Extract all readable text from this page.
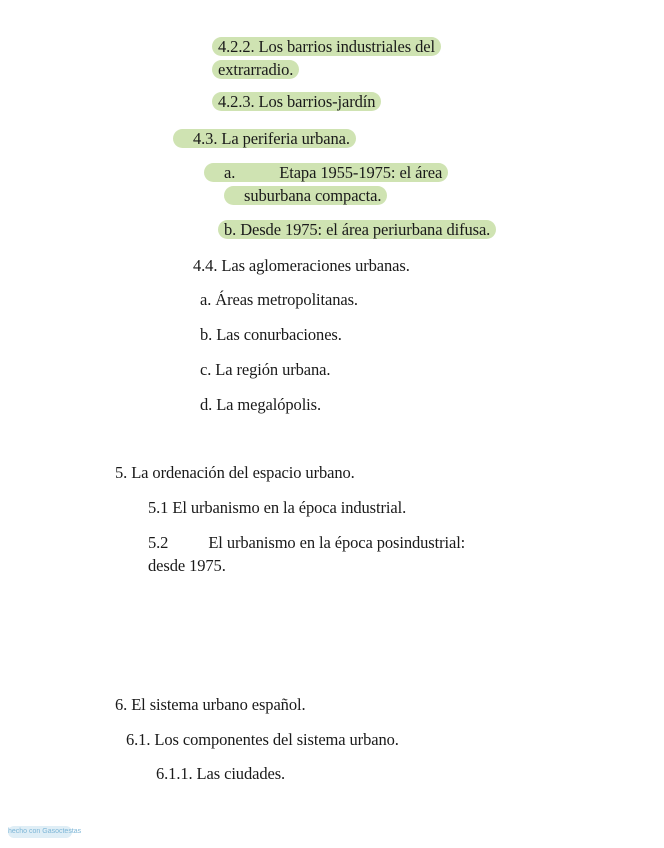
4.2.2. Los barrios industriales del
extrarradio.
4.2.3. Los barrios-jardín
4.3. La periferia urbana.
a.	Etapa 1955-1975: el área
suburbana compacta.
b. Desde 1975: el área periurbana difusa.
4.4. Las aglomeraciones urbanas.
a. Áreas metropolitanas.
b. Las conurbaciones.
c. La región urbana.
d. La megalópolis.
5. La ordenación del espacio urbano.
5.1 El urbanismo en la época industrial.
5.2 El urbanismo en la época posindustrial:
desde 1975.
6. El sistema urbano español.
6.1. Los componentes del sistema urbano.
6.1.1. Las ciudades.
hecho con Gasoctestas
